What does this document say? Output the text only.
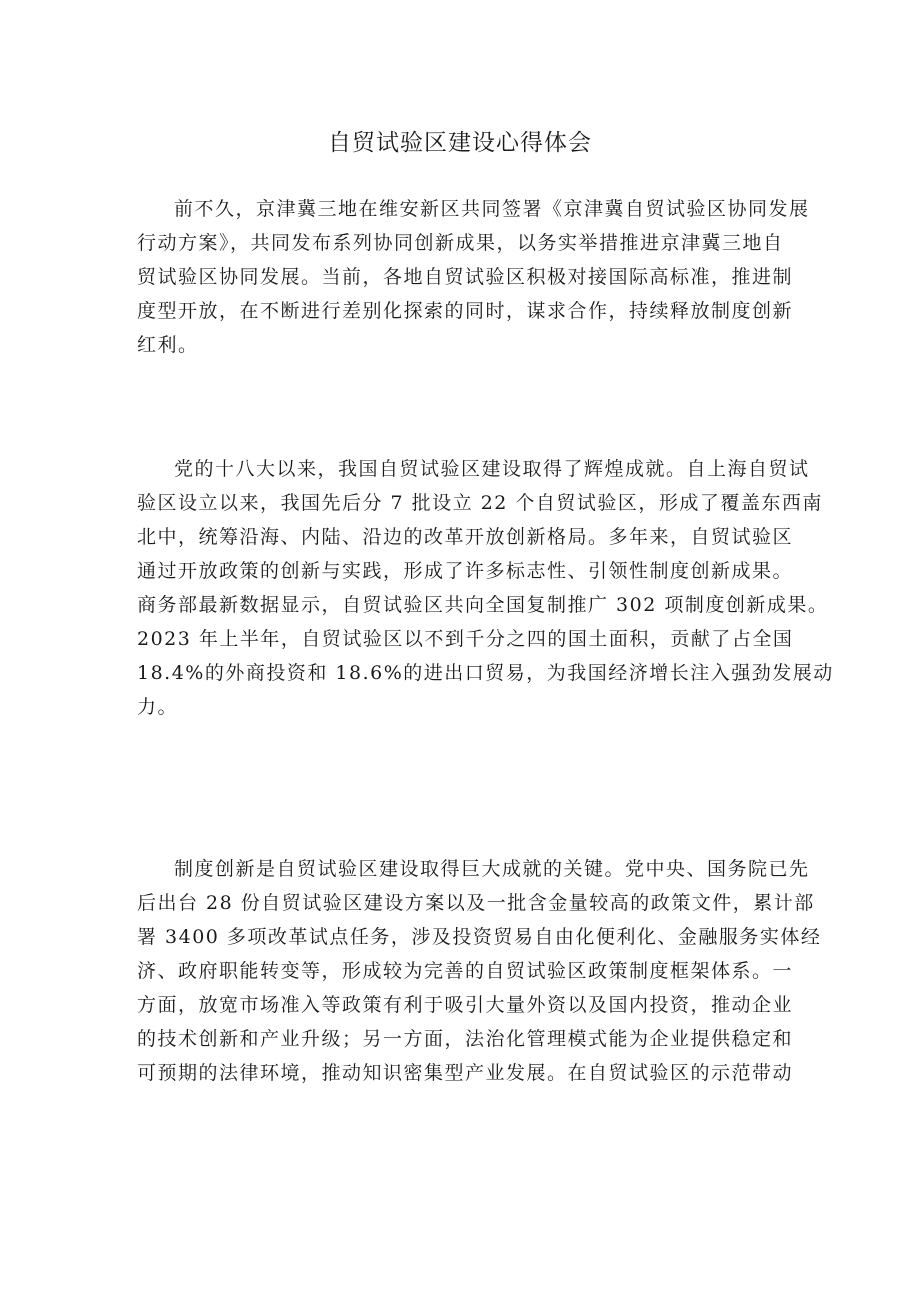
自贸试验区建设心得体会

前不久，京津冀三地在维安新区共同签署《京津冀自贸试验区协同发展
行动方案》，共同发布系列协同创新成果，以务实举措推进京津冀三地自
贸试验区协同发展。当前，各地自贸试验区积极对接国际高标准，推进制
度型开放，在不断进行差别化探索的同时，谋求合作，持续释放制度创新
红利。

党的十八大以来，我国自贸试验区建设取得了辉煌成就。自上海自贸试
验区设立以来，我国先后分 7 批设立 22 个自贸试验区，形成了覆盖东西南
北中，统筹沿海、内陆、沿边的改革开放创新格局。多年来，自贸试验区
通过开放政策的创新与实践，形成了许多标志性、引领性制度创新成果。
商务部最新数据显示，自贸试验区共向全国复制推广 302 项制度创新成果。
2023 年上半年，自贸试验区以不到千分之四的国土面积，贡献了占全国
18.4%的外商投资和 18.6%的进出口贸易，为我国经济增长注入强劲发展动
力。

制度创新是自贸试验区建设取得巨大成就的关键。党中央、国务院已先
后出台 28 份自贸试验区建设方案以及一批含金量较高的政策文件，累计部
署 3400 多项改革试点任务，涉及投资贸易自由化便利化、金融服务实体经
济、政府职能转变等，形成较为完善的自贸试验区政策制度框架体系。一
方面，放宽市场准入等政策有利于吸引大量外资以及国内投资，推动企业
的技术创新和产业升级；另一方面，法治化管理模式能为企业提供稳定和
可预期的法律环境，推动知识密集型产业发展。在自贸试验区的示范带动
